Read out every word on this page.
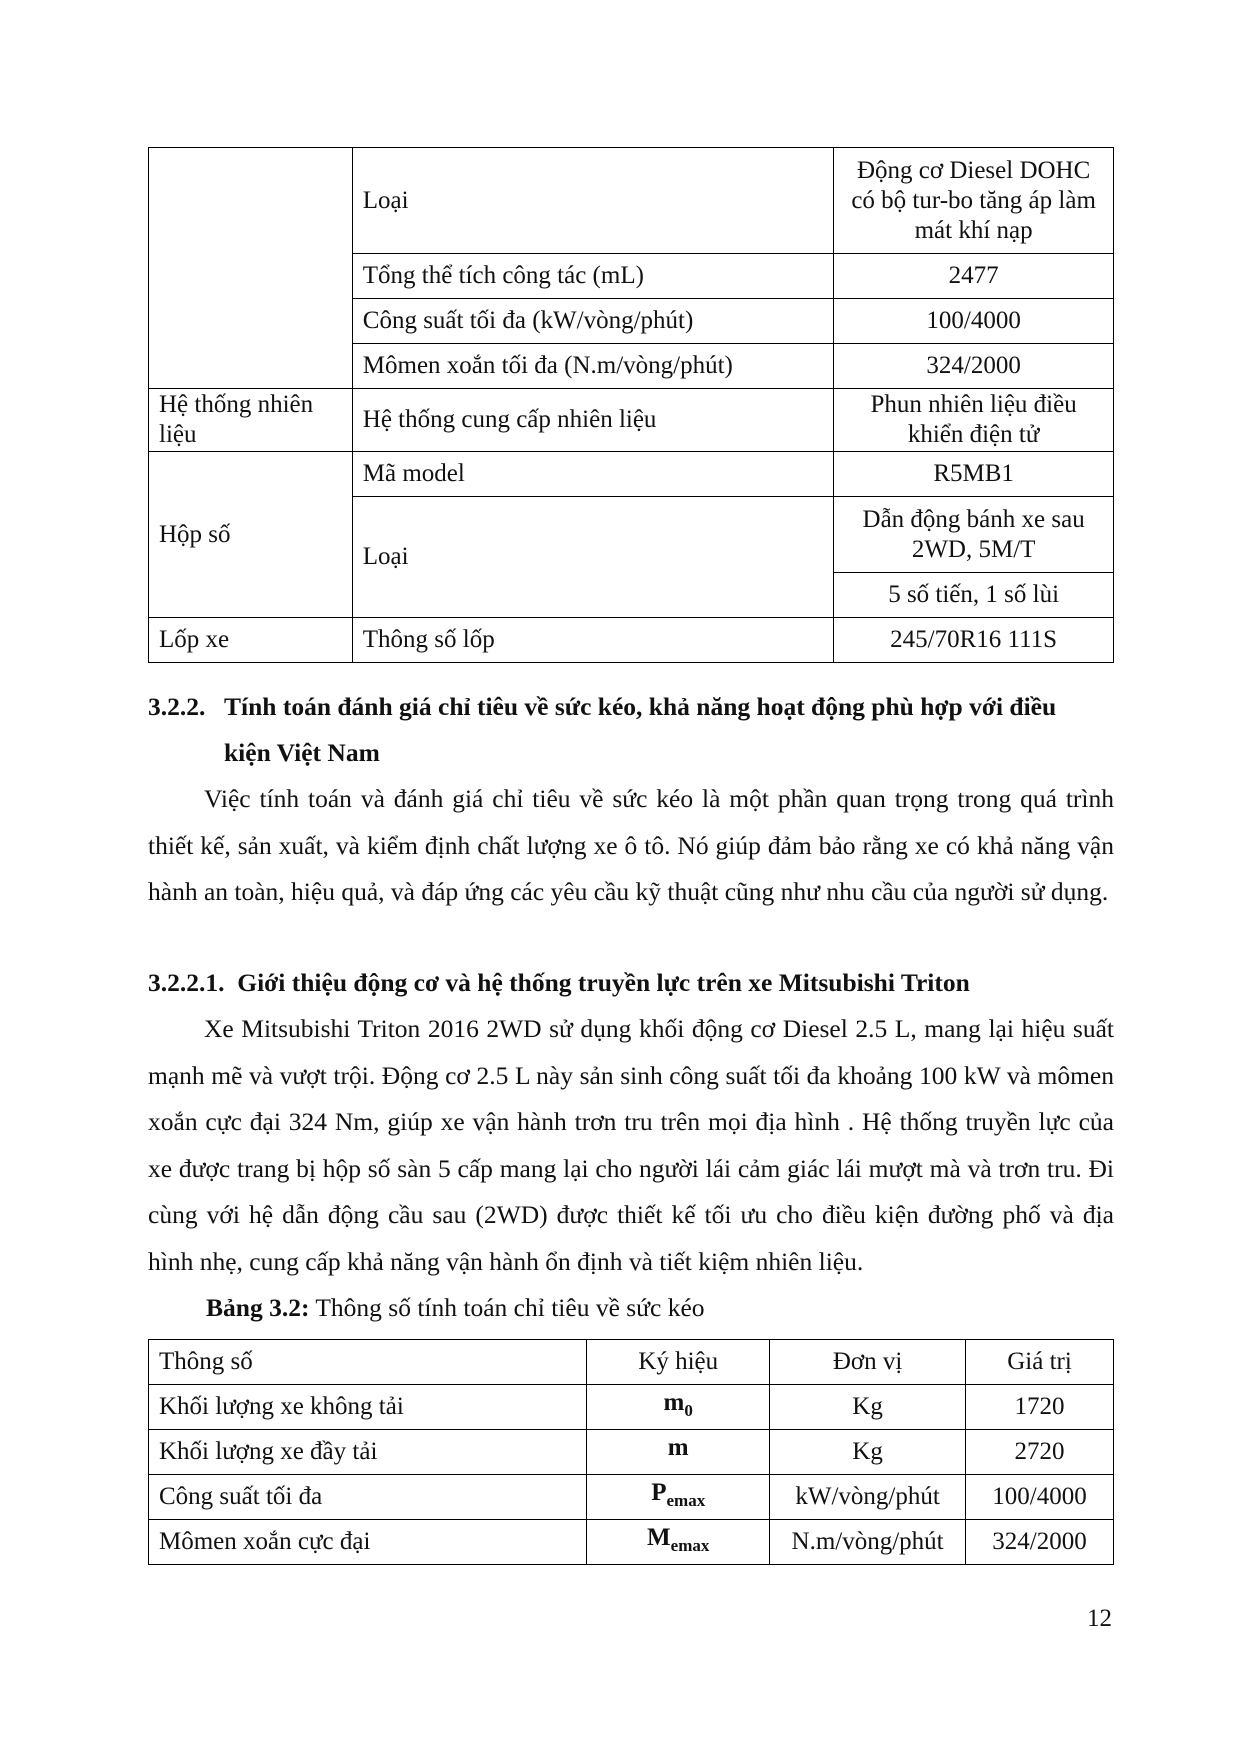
	Loại	Động cơ Diesel DOHC có bộ tur-bo tăng áp làm mát khí nạp
	Tổng thể tích công tác (mL)	2477
	Công suất tối đa (kW/vòng/phút)	100/4000
	Mômen xoắn tối đa (N.m/vòng/phút)	324/2000
Hệ thống nhiên liệu	Hệ thống cung cấp nhiên liệu	Phun nhiên liệu điều khiển điện tử
Hộp số	Mã model	R5MB1
	Loại	Dẫn động bánh xe sau 2WD, 5M/T
		5 số tiến, 1 số lùi
Lốp xe	Thông số lốp	245/70R16 111S
3.2.2. Tính toán đánh giá chỉ tiêu về sức kéo, khả năng hoạt động phù hợp với điều
kiện Việt Nam

Việc tính toán và đánh giá chỉ tiêu về sức kéo là một phần quan trọng trong quá trình thiết kế, sản xuất, và kiểm định chất lượng xe ô tô. Nó giúp đảm bảo rằng xe có khả năng vận hành an toàn, hiệu quả, và đáp ứng các yêu cầu kỹ thuật cũng như nhu cầu của người sử dụng.

3.2.2.1. Giới thiệu động cơ và hệ thống truyền lực trên xe Mitsubishi Triton

Xe Mitsubishi Triton 2016 2WD sử dụng khối động cơ Diesel 2.5 L, mang lại hiệu suất mạnh mẽ và vượt trội. Động cơ 2.5 L này sản sinh công suất tối đa khoảng 100 kW và mômen xoắn cực đại 324 Nm, giúp xe vận hành trơn tru trên mọi địa hình . Hệ thống truyền lực của xe được trang bị hộp số sàn 5 cấp mang lại cho người lái cảm giác lái mượt mà và trơn tru. Đi cùng với hệ dẫn động cầu sau (2WD) được thiết kế tối ưu cho điều kiện đường phố và địa hình nhẹ, cung cấp khả năng vận hành ổn định và tiết kiệm nhiên liệu.

Bảng 3.2: Thông số tính toán chỉ tiêu về sức kéo
Thông số	Ký hiệu	Đơn vị	Giá trị
Khối lượng xe không tải	$m_0$	Kg	1720
Khối lượng xe đầy tải	m	Kg	2720
Công suất tối đa	$P_{emax}$	kW/vòng/phút	100/4000
Mômen xoắn cực đại	$M_{emax}$	N.m/vòng/phút	324/2000
12
